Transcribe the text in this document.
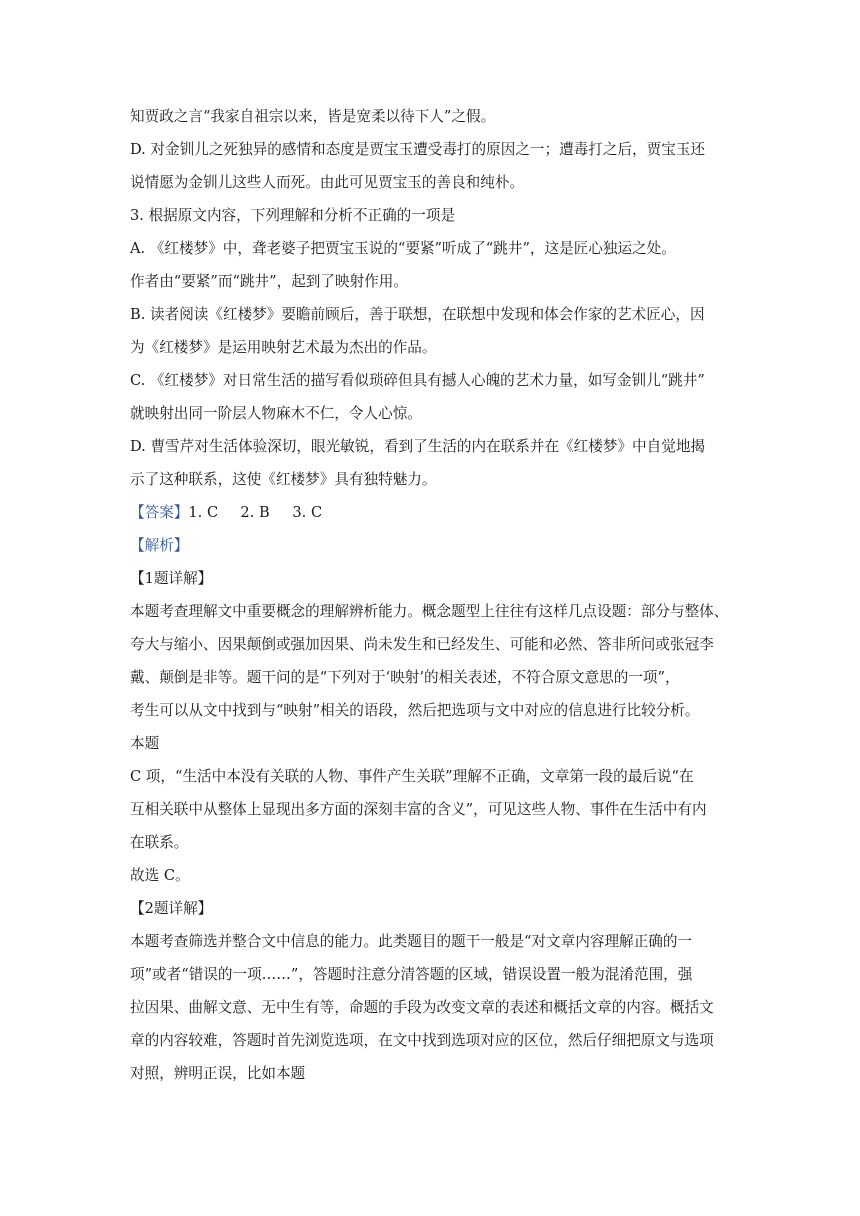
知贾政之言“我家自祖宗以来，皆是宽柔以待下人”之假。

D. 对金钏儿之死独异的感情和态度是贾宝玉遭受毒打的原因之一；遭毒打之后，贾宝玉还

说情愿为金钏儿这些人而死。由此可见贾宝玉的善良和纯朴。

3. 根据原文内容，下列理解和分析不正确的一项是

A. 《红楼梦》中，聋老婆子把贾宝玉说的“要紧”听成了“跳井”，这是匠心独运之处。

作者由“要紧”而“跳井”，起到了映射作用。

B. 读者阅读《红楼梦》要瞻前顾后，善于联想，在联想中发现和体会作家的艺术匠心，因

为《红楼梦》是运用映射艺术最为杰出的作品。

C. 《红楼梦》对日常生活的描写看似琐碎但具有撼人心魄的艺术力量，如写金钏儿“跳井”

就映射出同一阶层人物麻木不仁，令人心惊。

D. 曹雪芹对生活体验深切，眼光敏锐，看到了生活的内在联系并在《红楼梦》中自觉地揭

示了这种联系，这使《红楼梦》具有独特魅力。

【答案】1. C 2. B 3. C

【解析】

【1题详解】

本题考查理解文中重要概念的理解辨析能力。概念题型上往往有这样几点设题：部分与整体、

夸大与缩小、因果颠倒或强加因果、尚未发生和已经发生、可能和必然、答非所问或张冠李

戴、颠倒是非等。题干问的是“下列对于‘映射’的相关表述，不符合原文意思的一项”，

考生可以从文中找到与“映射”相关的语段，然后把选项与文中对应的信息进行比较分析。

本题

C 项，“生活中本没有关联的人物、事件产生关联”理解不正确，文章第一段的最后说“在

互相关联中从整体上显现出多方面的深刻丰富的含义”，可见这些人物、事件在生活中有内

在联系。

故选 C。

【2题详解】

本题考查筛选并整合文中信息的能力。此类题目的题干一般是“对文章内容理解正确的一

项”或者“错误的一项……”，答题时注意分清答题的区域，错误设置一般为混淆范围，强

拉因果、曲解文意、无中生有等，命题的手段为改变文章的表述和概括文章的内容。概括文

章的内容较难，答题时首先浏览选项，在文中找到选项对应的区位，然后仔细把原文与选项

对照，辨明正误，比如本题
